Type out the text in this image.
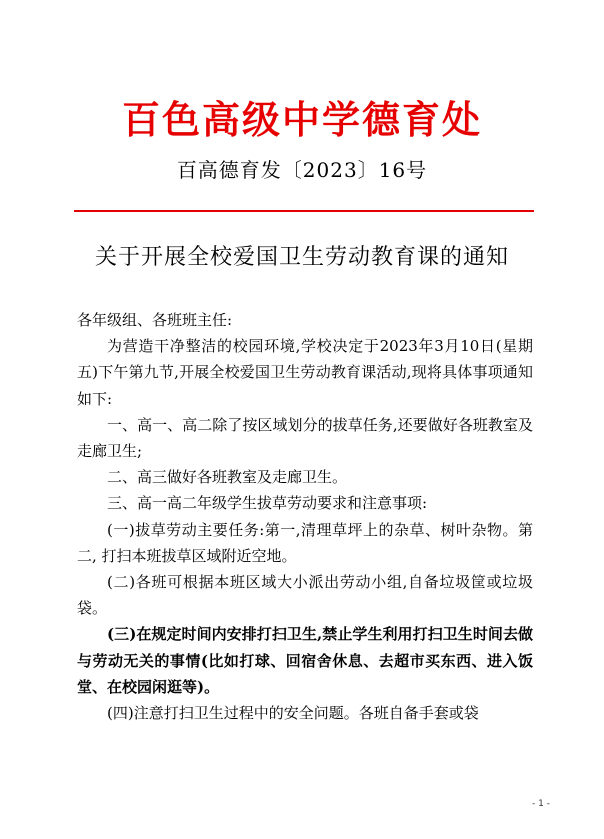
百色高级中学德育处
百高德育发〔2023〕16号
关于开展全校爱国卫生劳动教育课的通知

各年级组、各班班主任:

为营造干净整洁的校园环境,学校决定于2023年3月10日(星期五)下午第九节,开展全校爱国卫生劳动教育课活动,现将具体事项通知如下:

一、高一、高二除了按区域划分的拔草任务,还要做好各班教室及走廊卫生;

二、高三做好各班教室及走廊卫生。

三、高一高二年级学生拔草劳动要求和注意事项:

(一)拔草劳动主要任务:第一,清理草坪上的杂草、树叶杂物。第二, 打扫本班拔草区域附近空地。

(二)各班可根据本班区域大小派出劳动小组,自备垃圾筐或垃圾袋。

(三)在规定时间内安排打扫卫生,禁止学生利用打扫卫生时间去做与劳动无关的事情(比如打球、回宿舍休息、去超市买东西、进入饭堂、在校园闲逛等)。

(四)注意打扫卫生过程中的安全问题。各班自备手套或袋

- 1 -
